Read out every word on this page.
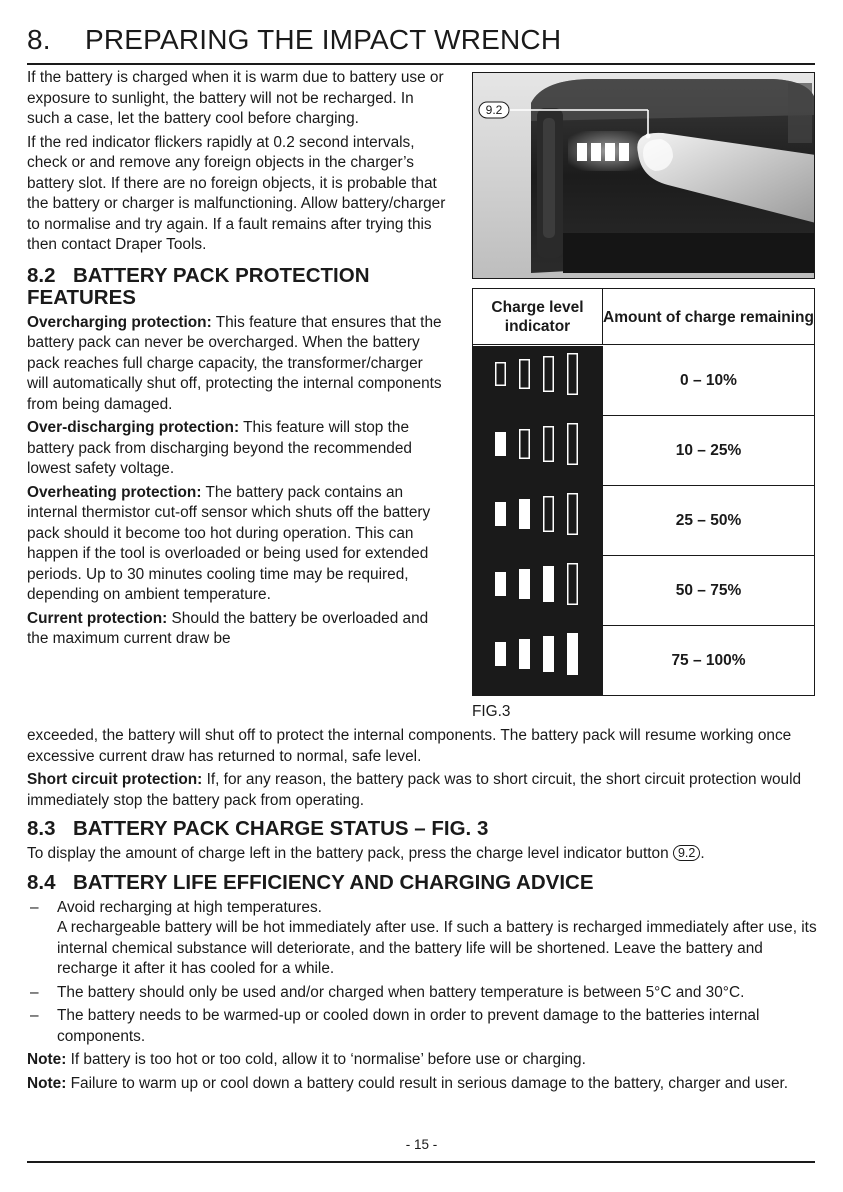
8. PREPARING THE IMPACT WRENCH

If the battery is charged when it is warm due to battery use or exposure to sunlight, the battery will not be recharged. In such a case, let the battery cool before charging.

If the red indicator flickers rapidly at 0.2 second intervals, check or and remove any foreign objects in the charger’s battery slot. If there are no foreign objects, it is probable that the battery or charger is malfunctioning. Allow battery/charger to normalise and try again. If a fault remains after trying this then contact Draper Tools.

8.2 BATTERY PACK PROTECTION FEATURES

Overcharging protection: This feature that ensures that the battery pack can never be overcharged. When the battery pack reaches full charge capacity, the transformer/charger will automatically shut off, protecting the internal components from being damaged.

Over-discharging protection: This feature will stop the battery pack from discharging beyond the recommended lowest safety voltage.

Overheating protection: The battery pack contains an internal thermistor cut-off sensor which shuts off the battery pack should it become too hot during operation. This can happen if the tool is overloaded or being used for extended periods. Up to 30 minutes cooling time may be required, depending on ambient temperature.

Current protection: Should the battery be overloaded and the maximum current draw be

9.2
Charge level indicator
Amount of charge remaining
0 – 10%
10 – 25%
25 – 50%
50 – 75%
75 – 100%
FIG.3

exceeded, the battery will shut off to protect the internal components. The battery pack will resume working once excessive current draw has returned to normal, safe level.

Short circuit protection: If, for any reason, the battery pack was to short circuit, the short circuit protection would immediately stop the battery pack from operating.

8.3 BATTERY PACK CHARGE STATUS – FIG. 3

To display the amount of charge left in the battery pack, press the charge level indicator button 9.2 .

8.4 BATTERY LIFE EFFICIENCY AND CHARGING ADVICE
– Avoid recharging at high temperatures.
A rechargeable battery will be hot immediately after use. If such a battery is recharged immediately after use, its internal chemical substance will deteriorate, and the battery life will be shortened. Leave the battery and recharge it after it has cooled for a while.
– The battery should only be used and/or charged when battery temperature is between 5°C and 30°C.
– The battery needs to be warmed-up or cooled down in order to prevent damage to the batteries internal components.

Note: If battery is too hot or too cold, allow it to ‘normalise’ before use or charging.

Note: Failure to warm up or cool down a battery could result in serious damage to the battery, charger and user.

- 15 -
